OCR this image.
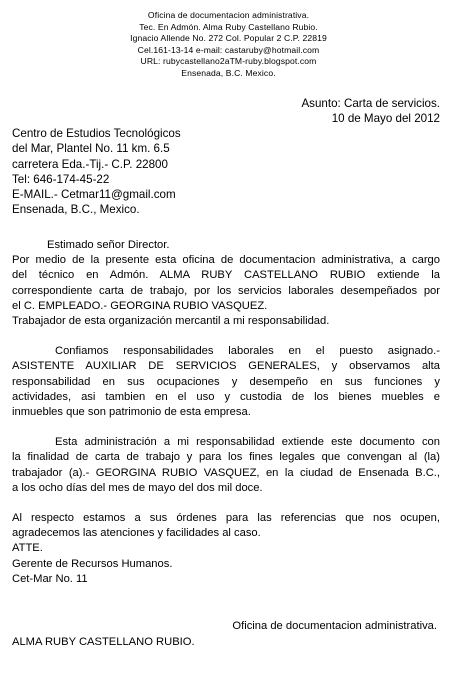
Oficina de documentacion administrativa.
Tec. En Admón. Alma Ruby Castellano Rubio.
Ignacio Allende No. 272 Col. Popular 2 C.P. 22819
Cel.161-13-14 e-mail: castaruby@hotmail.com
URL: rubycastellano2aTM-ruby.blogspot.com
Ensenada, B.C. Mexico.
Asunto: Carta de servicios.
10 de Mayo del 2012
Centro de Estudios Tecnológicos
del Mar, Plantel No. 11 km. 6.5
carretera Eda.-Tij.- C.P. 22800
Tel: 646-174-45-22
E-MAIL.- Cetmar11@gmail.com
Ensenada, B.C., Mexico.
Estimado señor Director.
Por medio de la presente esta oficina de documentacion administrativa, a cargo
del técnico en Admón. ALMA RUBY CASTELLANO RUBIO extiende la
correspondiente carta de trabajo, por los servicios laborales desempeñados por
el C. EMPLEADO.- GEORGINA RUBIO VASQUEZ.
Trabajador de esta organización mercantil a mi responsabilidad.
Confiamos responsabilidades laborales en el puesto asignado.-
ASISTENTE AUXILIAR DE SERVICIOS GENERALES, y observamos alta
responsabilidad en sus ocupaciones y desempeño en sus funciones y
actividades, asi tambien en el uso y custodia de los bienes muebles e
inmuebles que son patrimonio de esta empresa.
Esta administración a mi responsabilidad extiende este documento con
la finalidad de carta de trabajo y para los fines legales que convengan al (la)
trabajador (a).- GEORGINA RUBIO VASQUEZ, en la ciudad de Ensenada B.C.,
a los ocho días del mes de mayo del dos mil doce.
Al respecto estamos a sus órdenes para las referencias que nos ocupen,
agradecemos las atenciones y facilidades al caso.
ATTE.
Gerente de Recursos Humanos.
Cet-Mar No. 11
Oficina de documentacion administrativa.
ALMA RUBY CASTELLANO RUBIO.
